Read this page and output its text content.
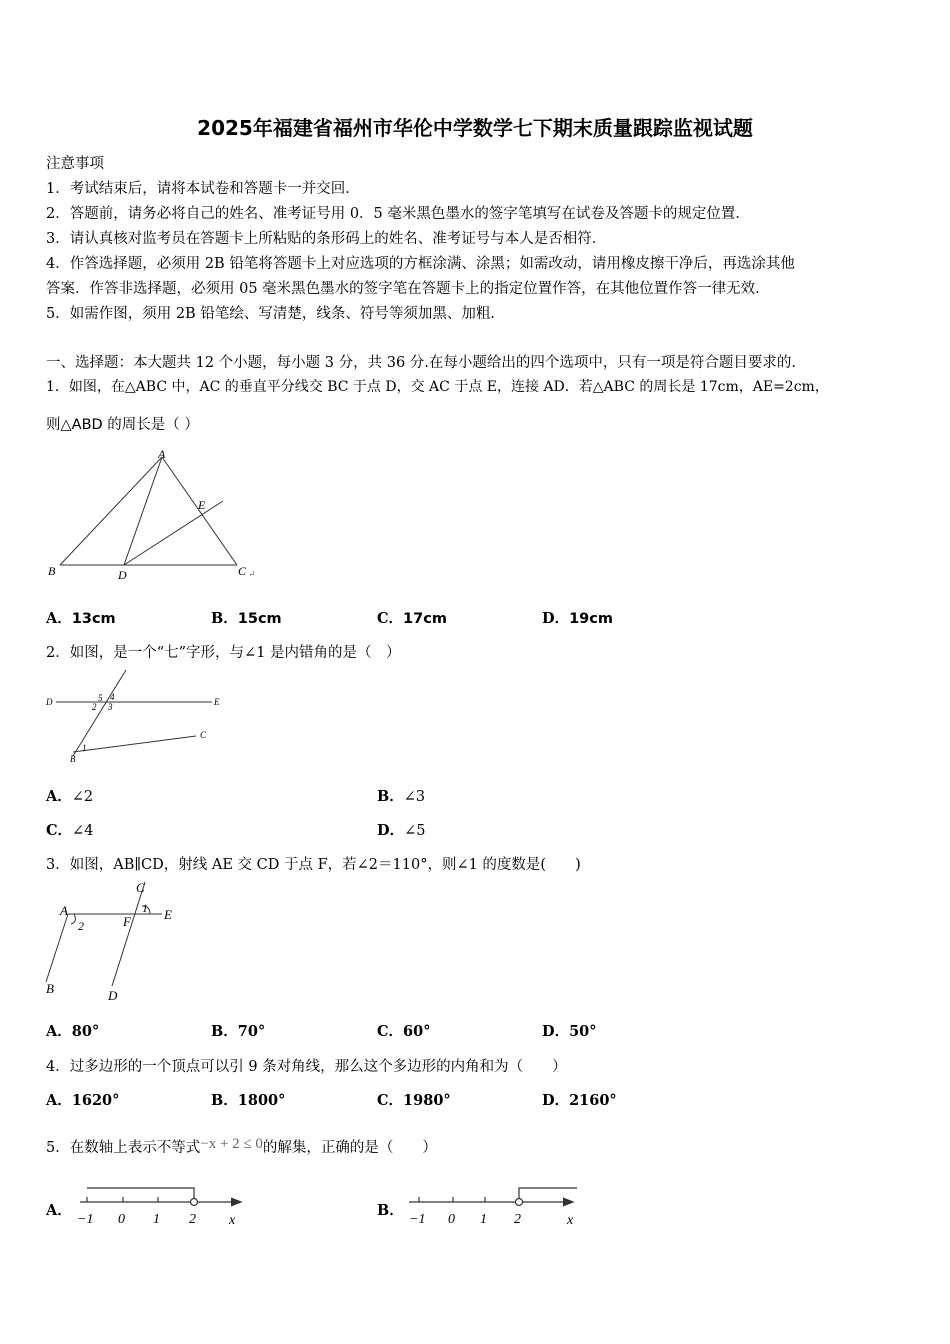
2025年福建省福州市华伦中学数学七下期末质量跟踪监视试题
注意事项
1．考试结束后，请将本试卷和答题卡一并交回．
2．答题前，请务必将自己的姓名、准考证号用 0．5 毫米黑色墨水的签字笔填写在试卷及答题卡的规定位置．
3．请认真核对监考员在答题卡上所粘贴的条形码上的姓名、准考证号与本人是否相符．
4．作答选择题，必须用 2B 铅笔将答题卡上对应选项的方框涂满、涂黑；如需改动，请用橡皮擦干净后，再选涂其他
答案．作答非选择题，必须用 05 毫米黑色墨水的签字笔在答题卡上的指定位置作答，在其他位置作答一律无效．
5．如需作图，须用 2B 铅笔绘、写清楚，线条、符号等须加黑、加粗．
一、选择题：本大题共 12 个小题，每小题 3 分，共 36 分.在每小题给出的四个选项中，只有一项是符合题目要求的.
1．如图，在△ABC 中，AC 的垂直平分线交 BC 于点 D，交 AC 于点 E，连接 AD．若△ABC 的周长是 17cm，AE=2cm，
则△ABD 的周长是（ ）
A
B	D	C ↵
E
A．13cm	B．15cm	C．17cm	D．19cm
2．如图，是一个“七”字形，与∠1 是内错角的是（　）
D	E
C
B
1
2 3
4
5
A．∠2	B．∠3
C．∠4	D．∠5
3．如图，AB∥CD，射线 AE 交 CD 于点 F，若∠2＝110°，则∠1 的度数是(　　)
A
B
C
D
E
F
1
2
A．80°	B．70°	C．60°	D．50°
4．过多边形的一个顶点可以引 9 条对角线，那么这个多边形的内角和为（　　）
A．1620°	B．1800°	C．1980°	D．2160°
5．在数轴上表示不等式−x + 2 ≤ 0的解集，正确的是（　　）
A．
−1 0 1 2 x
B．
−1 0 1 2	x
